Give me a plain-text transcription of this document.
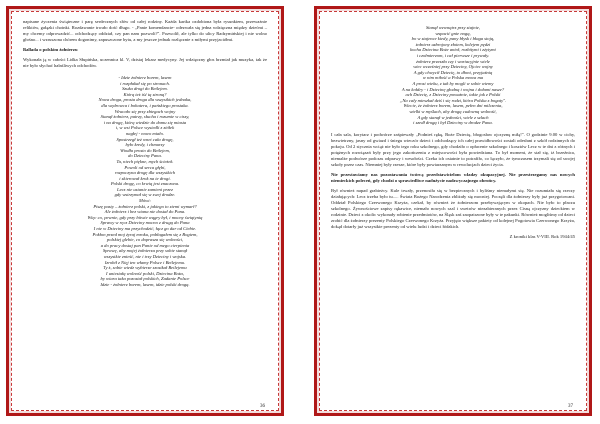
napisane życzenia świąteczne i parę serdecznych słów od całej rodziny. Każda kartka ozdobiona była rysunkiem, przeważnie reliktów, gałązki choinki. Rozdawanie trwało dość długo. - „Panie komendancie- odezwała się jedna wdzięczna między dziećmi – my chcemy odprowadzić... odchodzący oddział, czy pan nam pozwoli?". Pozwolił, ale tylko do ulicy Radzymińskiej i nie wolno głośno... i wzruszona chórem dogonimy, zapuszczone bytu, a my jeszcze jednak rozłącznie z miłymi przyjaciółmi.

Ballada o polskim żołnierzu

Wykonała ją w całości Lidka Słupińska, uczennica kl. V, dzisiaj lekarz medycyny. Jej wdzięczny głos brzmiał jak muzyka, tak że nie było słychać hałaśliwych odchodów.

- Idzie żołnierz borem, lasem
i rozpłakał się po stronach.
Szuka drogi do Betlejem.
Którą też iść tą stroną?
Nowa droga, prosta droga dla wszystkich jednaka,
dla wędrowca i bohatera, i pańskiego prostaka.
Wracało się przy zbiegach wojny
Stanął żołnierz, patrzy, słucha i rozumie w ciszy,
i na drogę, którą wiedzie do domu się miasta
i, w wsi Polsce wysiedli z ziółek
nagłej - nowo miało.
Spostrzegł też wnet cała drogę,
było kredy, i chmurzy
Wiodła prosto do Betlejem,
do Dzieciny Pana.
Ta, niech piękne, mych ścieżek.
Powoli od serca głębi,
rozpoczyna drogę dla wszystkich
i skierował krok na te drogi.
Polski drogę, co krwią jest znaczona.
Lecz nie ustanie zamieni przez
gdy wstrzymał się w swej drodze.
Mówi:
Piszę pasty – żołnierz polski, z jakiego to ziemi wymarł?
Ale żołnierz i bez wiana nie dostał do Pana.
Więc co, pewnie, gdy przy bitwie wągry był, i mocny świątynią
Sprawy w ręcz Dzieciny mocno z drugą do Pana
I nie w Dzieciny ma przychodzić, łącz go dar od Ciebie.
Pokłon przed moj żyraj mroku, pobłagałem się z Bogiem,
polskiej glebie, co doprasza się wolności,
a do pracy dostaj pan Panie od mego cierpienia
Sprawę, aby mojej żołnierza przy sobie stanął
wszystkie znieść, nie i trzy Dzieciny i wojska.
Izrobił z Nięj ten włamy Polsce i Betlejemu.
Ty ż, sobie wiedz wybierze szostkał Betlejemu
I uniesiałą wolność polski, Dziecina Boża,
by wiara taka pozostał polskich, Zadanie Polsce
Idzie - żołnierz borem, lasem, idzie polski drogą.
36
Stanął wewnątrz przy stajnie,
wspacić gnie nogą,
bo w stajence kiedy, pany błysk i błaga stoją,
żołnierz uzbrojony złotem, kolejem pędzi
kocha Dziecina Boże anioł, rozbitymi i zżytymi
i czołmierzom, i cał pierwsze i prywały.
żołnierz przeszła czy i wariacyjnie wiele
wiec wcześniej przy Dzieciny, Ojciec wojny
A gdy chwycił Dziecię, to dłoni, przyjaźnią
w nim miłość a Polska mowa ma
A prosi wieku, z tak by mogli w sobie wiemy
A na kołdry - i Dziecinę głodną i wojna i dołami nasze?
ach Dziecię, z Dzieciny poważnie, takie jak z Polski
„Na cały mieszkał dziś i się rodzi, która Polska z bogaty".
Wiecie, że żołnierz borem, lasem, pełen dni milczenia,
wielki w myślach, aby drogą cudowną wolność,
A gdy stanął w jedności, wiele z szlach
i szedł drogą i był Dzieciny w drodze Pana.

I cała sala, korytarz i podwórze zaśpiewały „Podnieś rękę, Boże Dziecię, błogosław ojczyznę miłą!". O godzinie 9.00 w cichy, bezwietrzny, jasny od gwiazd i śniegu wieczór dzieci i odchodzący ich całej prawidłowości zostali odesłani z szkół rodzinnych do pokoju. Od 2 stycznia wciąż nie było tego roku szkolnego, gdy chodziło o opłacenie szkolnego i kosztów Lecz w te dni z różnych i potężnych rozwiązań były przy jego zakończeniu z miejscowości była powiedziana. To był moment, że stał się, iż brzeźnica, niemalże podwórze podczas odprawy i wesołości. Czeka ich ostatnie to potrafiło, co łączyło, że tymczasem trzymali się od swojej szkoły przez czas. Niemniej były rzesze, które były powtarzanym w rewolucjach dzieci życia.

Nie przestawiamy nas pozostawania twórcą przedstawicielom władzy okupacyjnej. Nie przestrzegamy nas nowych niemieckich poleceń, gdy chodzi o sprawiedliwe nadużycie nadzwyczajnego obrońcy.

Był również napad grabieżcy. Kule trwały, przenosiła się w bezpiecznych i byliśmy niemałymi się. Nie rozumiała się rzeczy działających: Lecz trzeba było tu..... Świata Bożego Narodzenia zbliżały się mocniej. Poczęli dla żołnierzy były już przygotowani. Oddział Polskiego Czerwonego Krzyża, czekał, by również że żołnierzom przebywającym w okopach. Nie było to płaczu szkolnego. Żywnościowe zapisy rękawice, niemało nowych szal i swetrów niezabieranych przez Cisną ojczyzny dzieckiem w rodzinie. Dzieci z okolic wykonały robienie przedmiotów, na Śląsk zaś zaopatrzone były w te pakunki. Również mogliśmy od dzieci zrobić dla żołnierzy prezenty Polskiego Czerwonego Krzyża. Przyjęto większe pakiety od kolejnej Pogotowia Czerwonego Krzyża, dokąd dotarły już wszystkie prezenty od wielu ludzi i dzieci łódzkich.

Z kroniki klas V-VIII. Rok 1944/45
37
